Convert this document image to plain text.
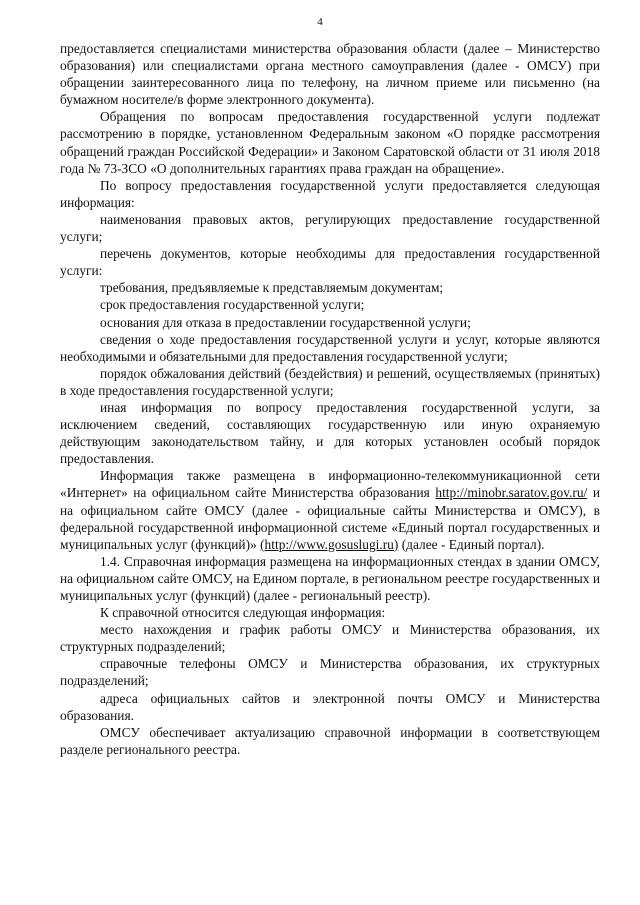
4

предоставляется специалистами министерства образования области (далее – Министерство образования) или специалистами органа местного самоуправления (далее - ОМСУ) при обращении заинтересованного лица по телефону, на личном приеме или письменно (на бумажном носителе/в форме электронного документа).

Обращения по вопросам предоставления государственной услуги подлежат рассмотрению в порядке, установленном Федеральным законом «О порядке рассмотрения обращений граждан Российской Федерации» и Законом Саратовской области от 31 июля 2018 года № 73-ЗСО «О дополнительных гарантиях права граждан на обращение».

По вопросу предоставления государственной услуги предоставляется следующая информация:

наименования правовых актов, регулирующих предоставление государственной услуги;

перечень документов, которые необходимы для предоставления государственной услуги:

требования, предъявляемые к представляемым документам;

срок предоставления государственной услуги;

основания для отказа в предоставлении государственной услуги;

сведения о ходе предоставления государственной услуги и услуг, которые являются необходимыми и обязательными для предоставления государственной услуги;

порядок обжалования действий (бездействия) и решений, осуществляемых (принятых) в ходе предоставления государственной услуги;

иная информация по вопросу предоставления государственной услуги, за исключением сведений, составляющих государственную или иную охраняемую действующим законодательством тайну, и для которых установлен особый порядок предоставления.

Информация также размещена в информационно-телекоммуникационной сети «Интернет» на официальном сайте Министерства образования http://minobr.saratov.gov.ru/ и на официальном сайте ОМСУ (далее - официальные сайты Министерства и ОМСУ), в федеральной государственной информационной системе «Единый портал государственных и муниципальных услуг (функций)» (http://www.gosuslugi.ru) (далее - Единый портал).

1.4. Справочная информация размещена на информационных стендах в здании ОМСУ, на официальном сайте ОМСУ, на Едином портале, в региональном реестре государственных и муниципальных услуг (функций) (далее - региональный реестр).

К справочной относится следующая информация:

место нахождения и график работы ОМСУ и Министерства образования, их структурных подразделений;

справочные телефоны ОМСУ и Министерства образования, их структурных подразделений;

адреса официальных сайтов и электронной почты ОМСУ и Министерства образования.

ОМСУ обеспечивает актуализацию справочной информации в соответствующем разделе регионального реестра.
